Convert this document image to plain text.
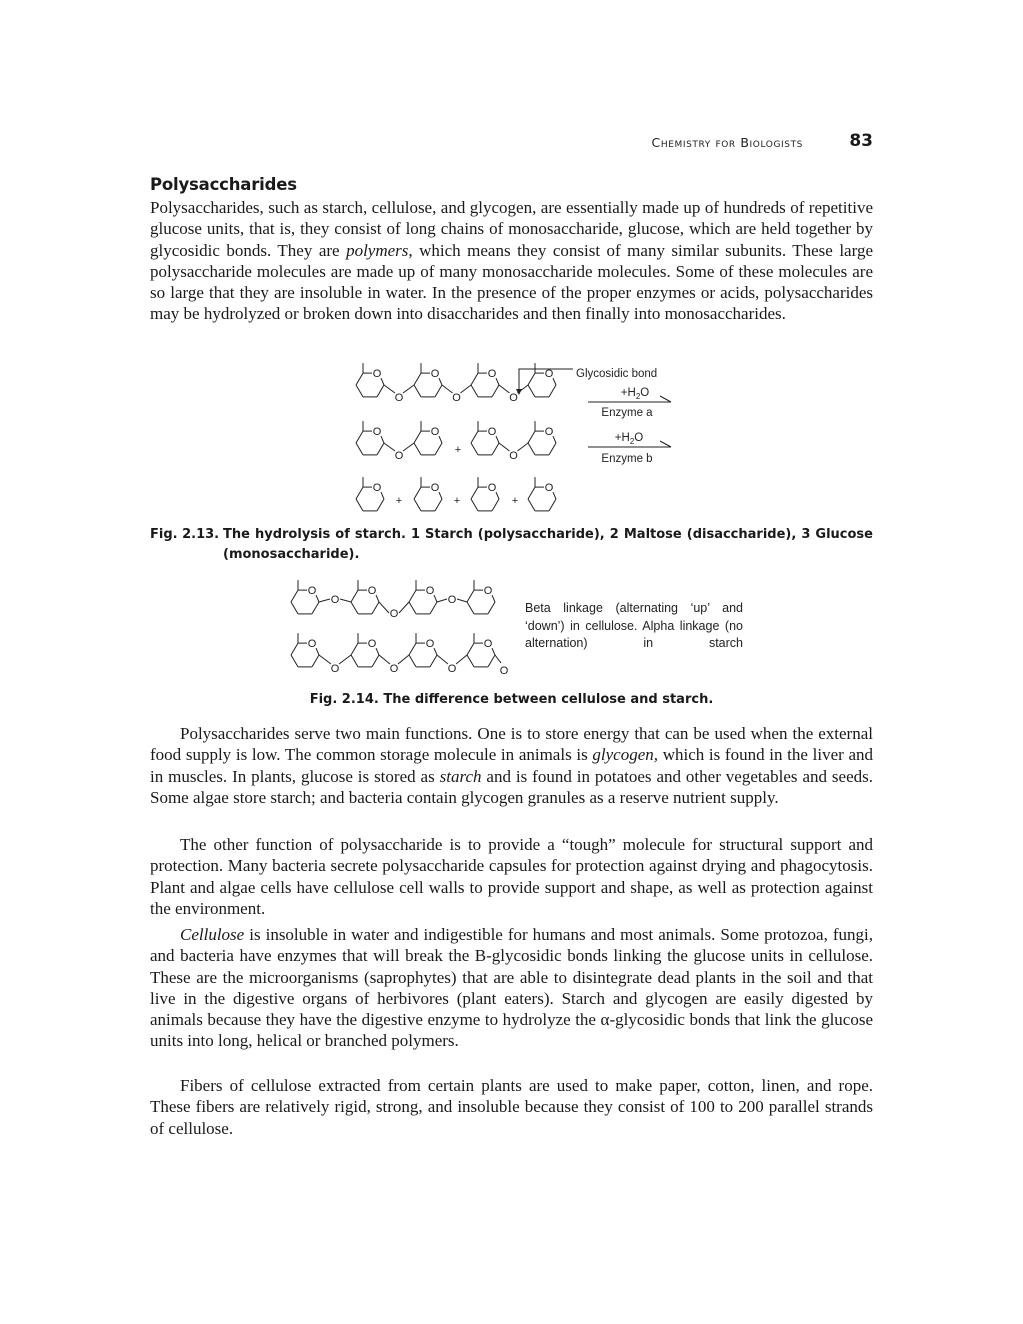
Chemistry for Biologists	83
Polysaccharides

Polysaccharides, such as starch, cellulose, and glycogen, are essentially made up of hundreds of repetitive glucose units, that is, they consist of long chains of monosaccharide, glucose, which are held together by glycosidic bonds. They are polymers, which means they consist of many similar subunits. These large polysaccharide molecules are made up of many monosaccharide molecules. Some of these molecules are so large that they are insoluble in water. In the presence of the proper enzymes or acids, polysaccharides may be hydrolyzed or broken down into disaccharides and then finally into monosaccharides.

O	O	O	O
O	O	O
Glycosidic bond
$+H_2O$
Enzyme a
O	O	O	O
O	O
+
$+H_2O$
Enzyme b
O	O	O	O
+	+	+
Fig. 2.13. The hydrolysis of starch. 1 Starch (polysaccharide), 2 Maltose (disaccharide), 3 Glucose (monosaccharide).
O	O	O	O
O
O
O
O	O	O	O
O	O	O	O
Beta linkage (alternating ‘up’ and ‘down’) in cellulose. Alpha linkage (no alternation) in starch
Fig. 2.14. The difference between cellulose and starch.

Polysaccharides serve two main functions. One is to store energy that can be used when the external food supply is low. The common storage molecule in animals is glycogen, which is found in the liver and in muscles. In plants, glucose is stored as starch and is found in potatoes and other vegetables and seeds. Some algae store starch; and bacteria contain glycogen granules as a reserve nutrient supply.

The other function of polysaccharide is to provide a “tough” molecule for structural support and protection. Many bacteria secrete polysaccharide capsules for protection against drying and phagocytosis. Plant and algae cells have cellulose cell walls to provide support and shape, as well as protection against the environment.

Cellulose is insoluble in water and indigestible for humans and most animals. Some protozoa, fungi, and bacteria have enzymes that will break the B-glycosidic bonds linking the glucose units in cellulose. These are the microorganisms (saprophytes) that are able to disintegrate dead plants in the soil and that live in the digestive organs of herbivores (plant eaters). Starch and glycogen are easily digested by animals because they have the digestive enzyme to hydrolyze the α-glycosidic bonds that link the glucose units into long, helical or branched polymers.

Fibers of cellulose extracted from certain plants are used to make paper, cotton, linen, and rope. These fibers are relatively rigid, strong, and insoluble because they consist of 100 to 200 parallel strands of cellulose.
